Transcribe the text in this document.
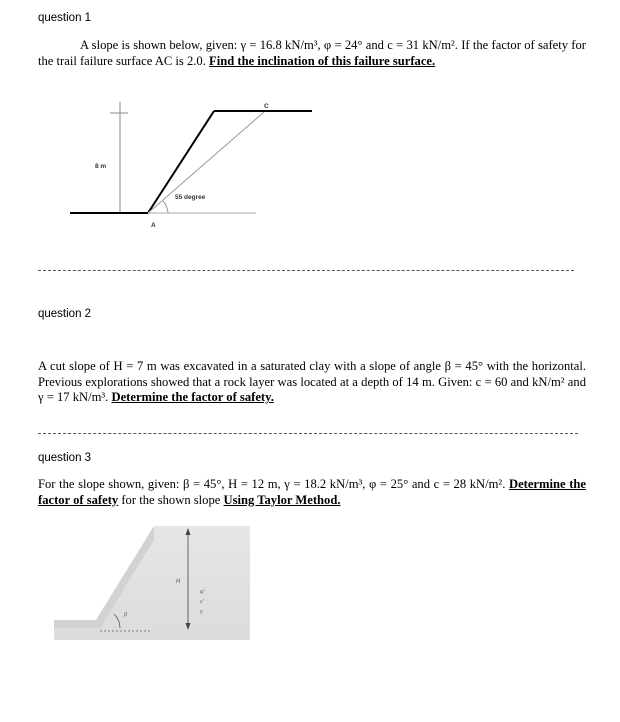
question 1
A slope is shown below, given: γ = 16.8 kN/m³, φ = 24° and c = 31 kN/m². If the factor of safety for the trail failure surface AC is 2.0. Find the inclination of this failure surface.
8 m
55 degree
A
C
question 2
A cut slope of H = 7 m was excavated in a saturated clay with a slope of angle β = 45° with the horizontal. Previous explorations showed that a rock layer was located at a depth of 14 m. Given: c = 60 and kN/m² and γ = 17 kN/m³. Determine the factor of safety.
question 3
For the slope shown, given: β = 45°, H = 12 m, γ = 18.2 kN/m³, φ = 25° and c = 28 kN/m². Determine the factor of safety for the shown slope Using Taylor Method.
H
φ'
c'
γ
β
